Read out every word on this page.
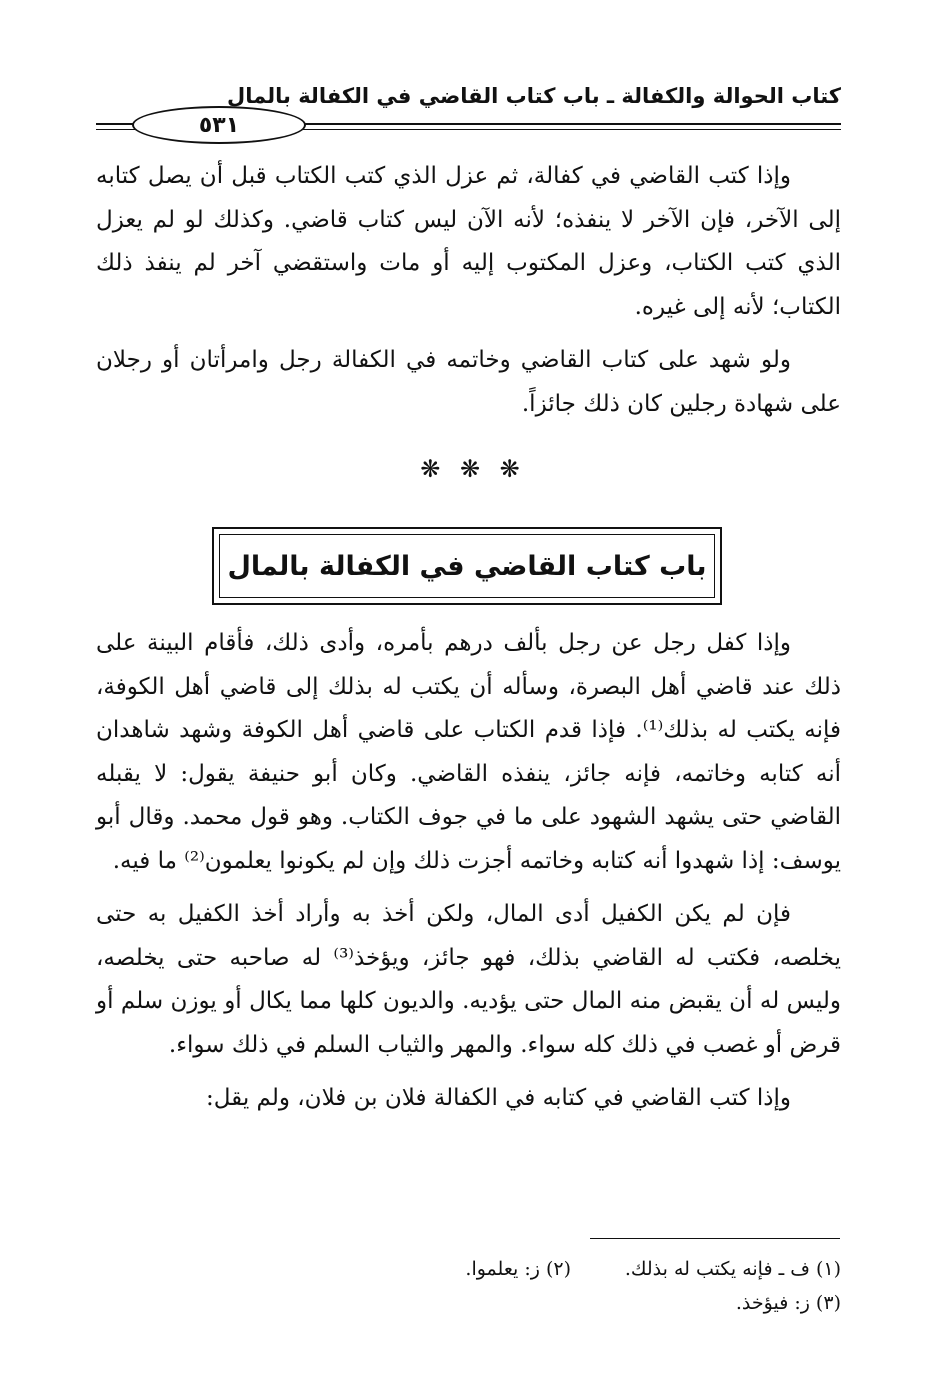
كتاب الحوالة والكفالة ـ باب كتاب القاضي في الكفالة بالمال
٥٣١

وإذا كتب القاضي في كفالة، ثم عزل الذي كتب الكتاب قبل أن يصل كتابه إلى الآخر، فإن الآخر لا ينفذه؛ لأنه الآن ليس كتاب قاضي. وكذلك لو لم يعزل الذي كتب الكتاب، وعزل المكتوب إليه أو مات واستقضي آخر لم ينفذ ذلك الكتاب؛ لأنه إلى غيره.

ولو شهد على كتاب القاضي وخاتمه في الكفالة رجل وامرأتان أو رجلان على شهادة رجلين كان ذلك جائزاً.

❋ ❋ ❋
باب كتاب القاضي في الكفالة بالمال

وإذا كفل رجل عن رجل بألف درهم بأمره، وأدى ذلك، فأقام البينة على ذلك عند قاضي أهل البصرة، وسأله أن يكتب له بذلك إلى قاضي أهل الكوفة، فإنه يكتب له بذلك⁽¹⁾. فإذا قدم الكتاب على قاضي أهل الكوفة وشهد شاهدان أنه كتابه وخاتمه، فإنه جائز، ينفذه القاضي. وكان أبو حنيفة يقول: لا يقبله القاضي حتى يشهد الشهود على ما في جوف الكتاب. وهو قول محمد. وقال أبو يوسف: إذا شهدوا أنه كتابه وخاتمه أجزت ذلك وإن لم يكونوا يعلمون⁽²⁾ ما فيه.

فإن لم يكن الكفيل أدى المال، ولكن أخذ به وأراد أخذ الكفيل به حتى يخلصه، فكتب له القاضي بذلك، فهو جائز، ويؤخذ⁽³⁾ له صاحبه حتى يخلصه، وليس له أن يقبض منه المال حتى يؤديه. والديون كلها مما يكال أو يوزن سلم أو قرض أو غصب في ذلك كله سواء. والمهر والثياب السلم في ذلك سواء.

وإذا كتب القاضي في كتابه في الكفالة فلان بن فلان، ولم يقل:

(١) ف ـ فإنه يكتب له بذلك.
(٢) ز: يعلموا.
(٣) ز: فيؤخذ.
